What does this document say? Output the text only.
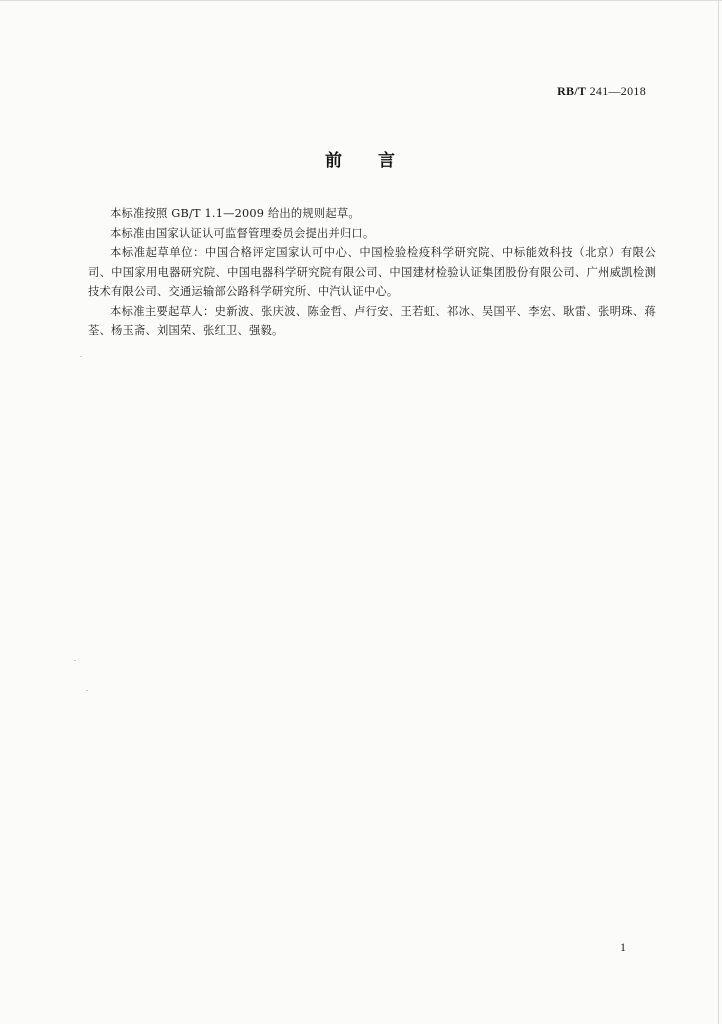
RB/T 241—2018
前 言

本标准按照 GB/T 1.1—2009 给出的规则起草。

本标准由国家认证认可监督管理委员会提出并归口。

本标准起草单位：中国合格评定国家认可中心、中国检验检疫科学研究院、中标能效科技（北京）有限公司、中国家用电器研究院、中国电器科学研究院有限公司、中国建材检验认证集团股份有限公司、广州威凯检测技术有限公司、交通运输部公路科学研究所、中汽认证中心。

本标准主要起草人：史新波、张庆波、陈金哲、卢行安、王若虹、祁冰、吴国平、李宏、耿雷、张明珠、蒋荃、杨玉斋、刘国荣、张红卫、强毅。

1
